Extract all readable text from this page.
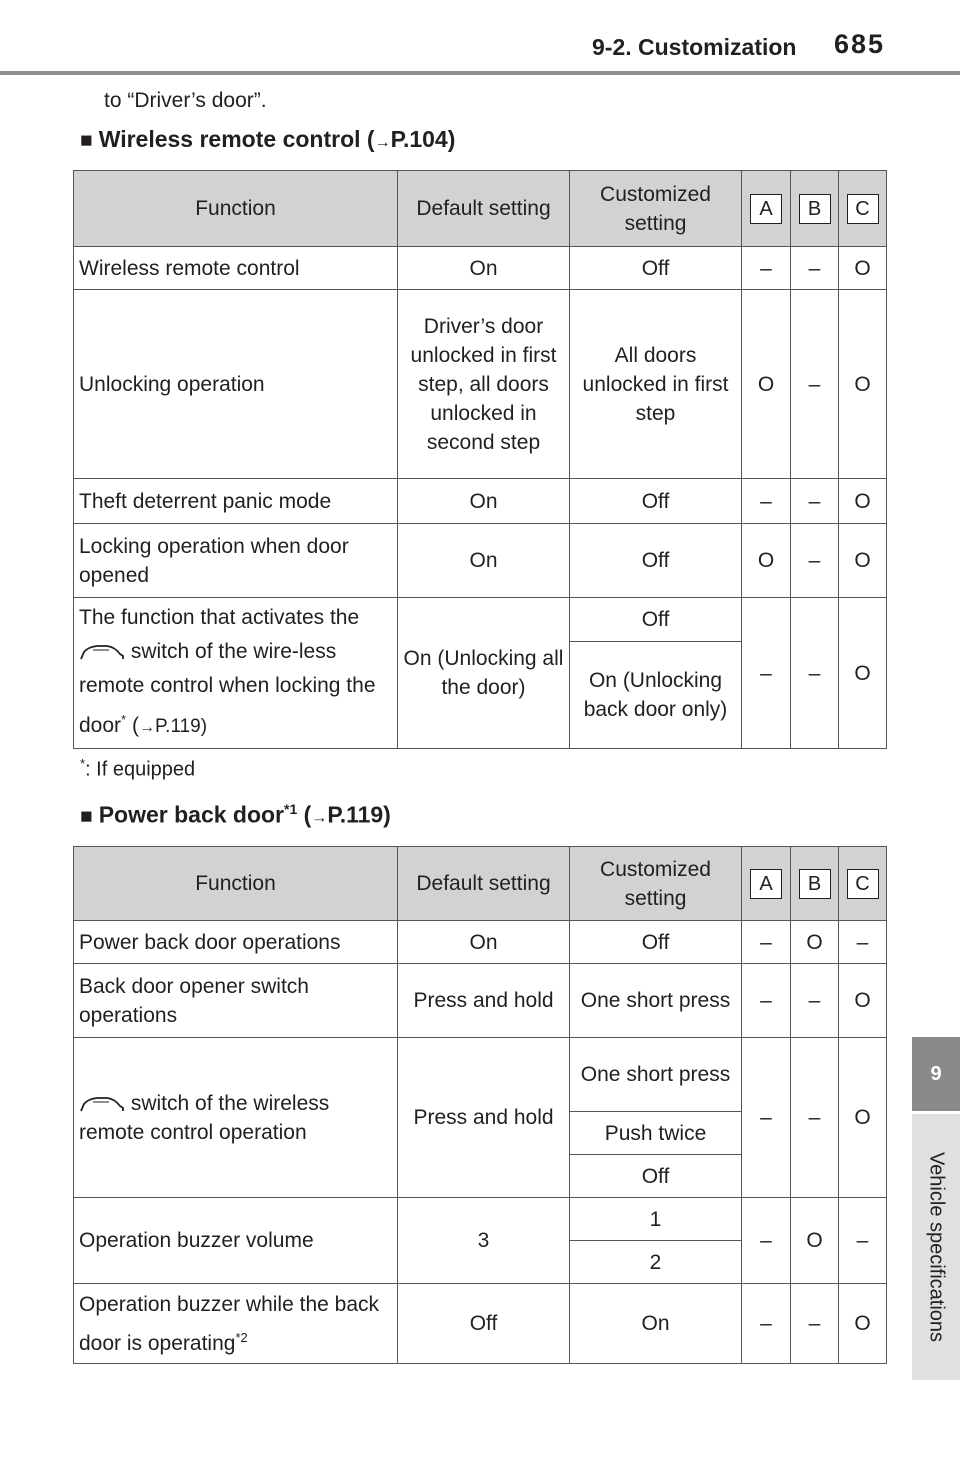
9-2. Customization 685
9
Vehicle specifications
to “Driver’s door”.
■ Wireless remote control (→P.104)
Function	Default setting	Customized setting	A	B	C
Wireless remote control	On	Off	–	–	O
Unlocking operation	Driver’s door unlocked in first step, all doors unlocked in second step	All doors unlocked in first step	O	–	O
Theft deterrent panic mode	On	Off	–	–	O
Locking operation when door opened	On	Off	O	–	O
The function that activates the  switch of the wire-less remote control when locking the door* (→P.119)	On (Unlocking all the door)	Off	–	–	O
		On (Unlocking back door only)			
*: If equipped
■ Power back door$^{*1}$ (→P.119)
Function	Default setting	Customized setting	A	B	C
Power back door operations	On	Off	–	O	–
Back door opener switch operations	Press and hold	One short press	–	–	O
switch of the wireless remote control operation	Press and hold	One short press	–	–	O
		Push twice			
		Off			
Operation buzzer volume	3	1	–	O	–
		2			
Operation buzzer while the back door is operating$^{*2}$	Off	On	–	–	O
